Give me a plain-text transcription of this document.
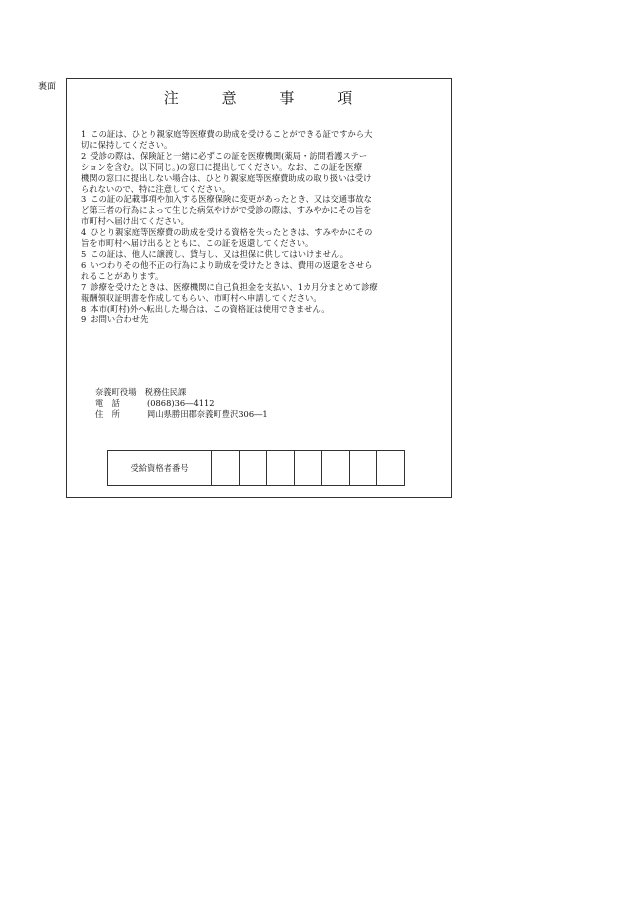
裏面
注	意	事	項
1 この証は、ひとり親家庭等医療費の助成を受けることができる証ですから大
切に保持してください。
2 受診の際は、保険証と一緒に必ずこの証を医療機関(薬局・訪問看護ステー
ションを含む。以下同じ。)の窓口に提出してください。なお、この証を医療
機関の窓口に提出しない場合は、ひとり親家庭等医療費助成の取り扱いは受け
られないので、特に注意してください。
3 この証の記載事項や加入する医療保険に変更があったとき、又は交通事故な
ど第三者の行為によって生じた病気やけがで受診の際は、すみやかにその旨を
市町村へ届け出てください。
4 ひとり親家庭等医療費の助成を受ける資格を失ったときは、すみやかにその
旨を市町村へ届け出るとともに、この証を返還してください。
5 この証は、他人に譲渡し、貸与し、又は担保に供してはいけません。
6 いつわりその他不正の行為により助成を受けたときは、費用の返還をさせら
れることがあります。
7 診療を受けたときは、医療機関に自己負担金を支払い、1カ月分まとめて診療
報酬領収証明書を作成してもらい、市町村へ申請してください。
8 本市(町村)外へ転出した場合は、この資格証は使用できません。
9 お問い合わせ先
奈義町役場　税務住民課
電　話	(0868)36―4112
住　所	岡山県勝田郡奈義町豊沢306―1
受給資格者番号
